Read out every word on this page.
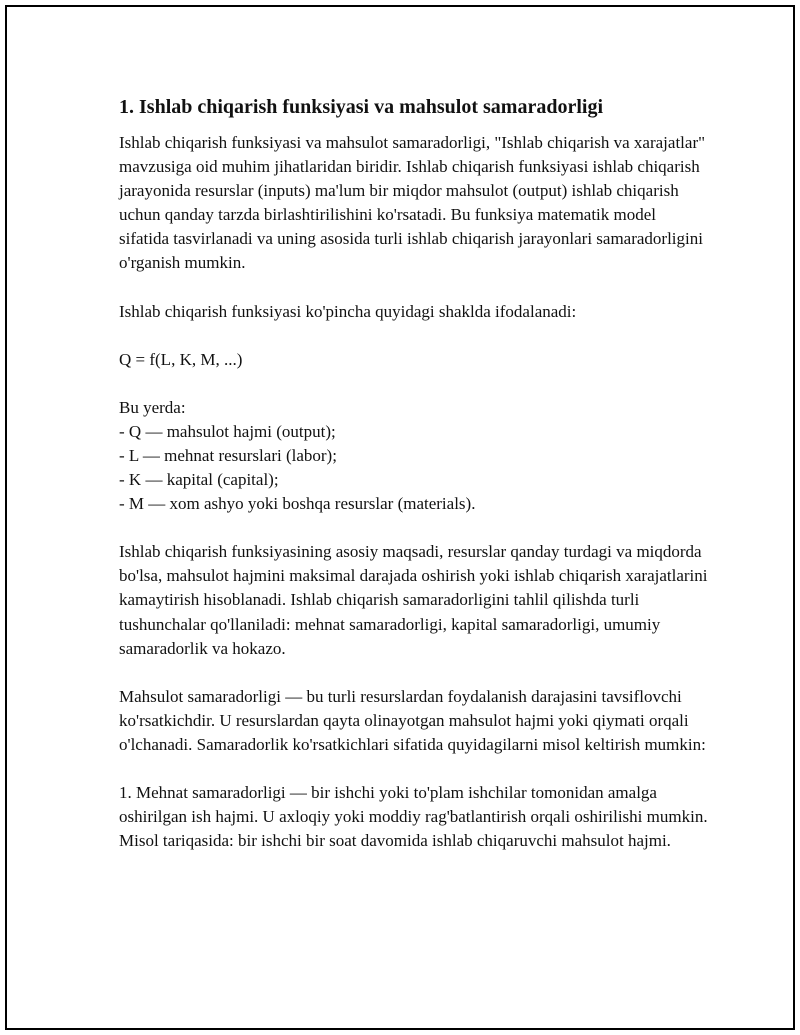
1. Ishlab chiqarish funksiyasi va mahsulot samaradorligi

Ishlab chiqarish funksiyasi va mahsulot samaradorligi, "Ishlab chiqarish va xarajatlar" mavzusiga oid muhim jihatlaridan biridir. Ishlab chiqarish funksiyasi ishlab chiqarish jarayonida resurslar (inputs) ma'lum bir miqdor mahsulot (output) ishlab chiqarish uchun qanday tarzda birlashtirilishini ko'rsatadi. Bu funksiya matematik model sifatida tasvirlanadi va uning asosida turli ishlab chiqarish jarayonlari samaradorligini o'rganish mumkin.

Ishlab chiqarish funksiyasi ko'pincha quyidagi shaklda ifodalanadi:

Q = f(L, K, M, ...)

Bu yerda:
- Q — mahsulot hajmi (output);
- L — mehnat resurslari (labor);
- K — kapital (capital);
- M — xom ashyo yoki boshqa resurslar (materials).

Ishlab chiqarish funksiyasining asosiy maqsadi, resurslar qanday turdagi va miqdorda bo'lsa, mahsulot hajmini maksimal darajada oshirish yoki ishlab chiqarish xarajatlarini kamaytirish hisoblanadi. Ishlab chiqarish samaradorligini tahlil qilishda turli tushunchalar qo'llaniladi: mehnat samaradorligi, kapital samaradorligi, umumiy samaradorlik va hokazo.

Mahsulot samaradorligi — bu turli resurslardan foydalanish darajasini tavsiflovchi ko'rsatkichdir. U resurslardan qayta olinayotgan mahsulot hajmi yoki qiymati orqali o'lchanadi. Samaradorlik ko'rsatkichlari sifatida quyidagilarni misol keltirish mumkin:

1. Mehnat samaradorligi — bir ishchi yoki to'plam ishchilar tomonidan amalga oshirilgan ish hajmi. U axloqiy yoki moddiy rag'batlantirish orqali oshirilishi mumkin. Misol tariqasida: bir ishchi bir soat davomida ishlab chiqaruvchi mahsulot hajmi.
